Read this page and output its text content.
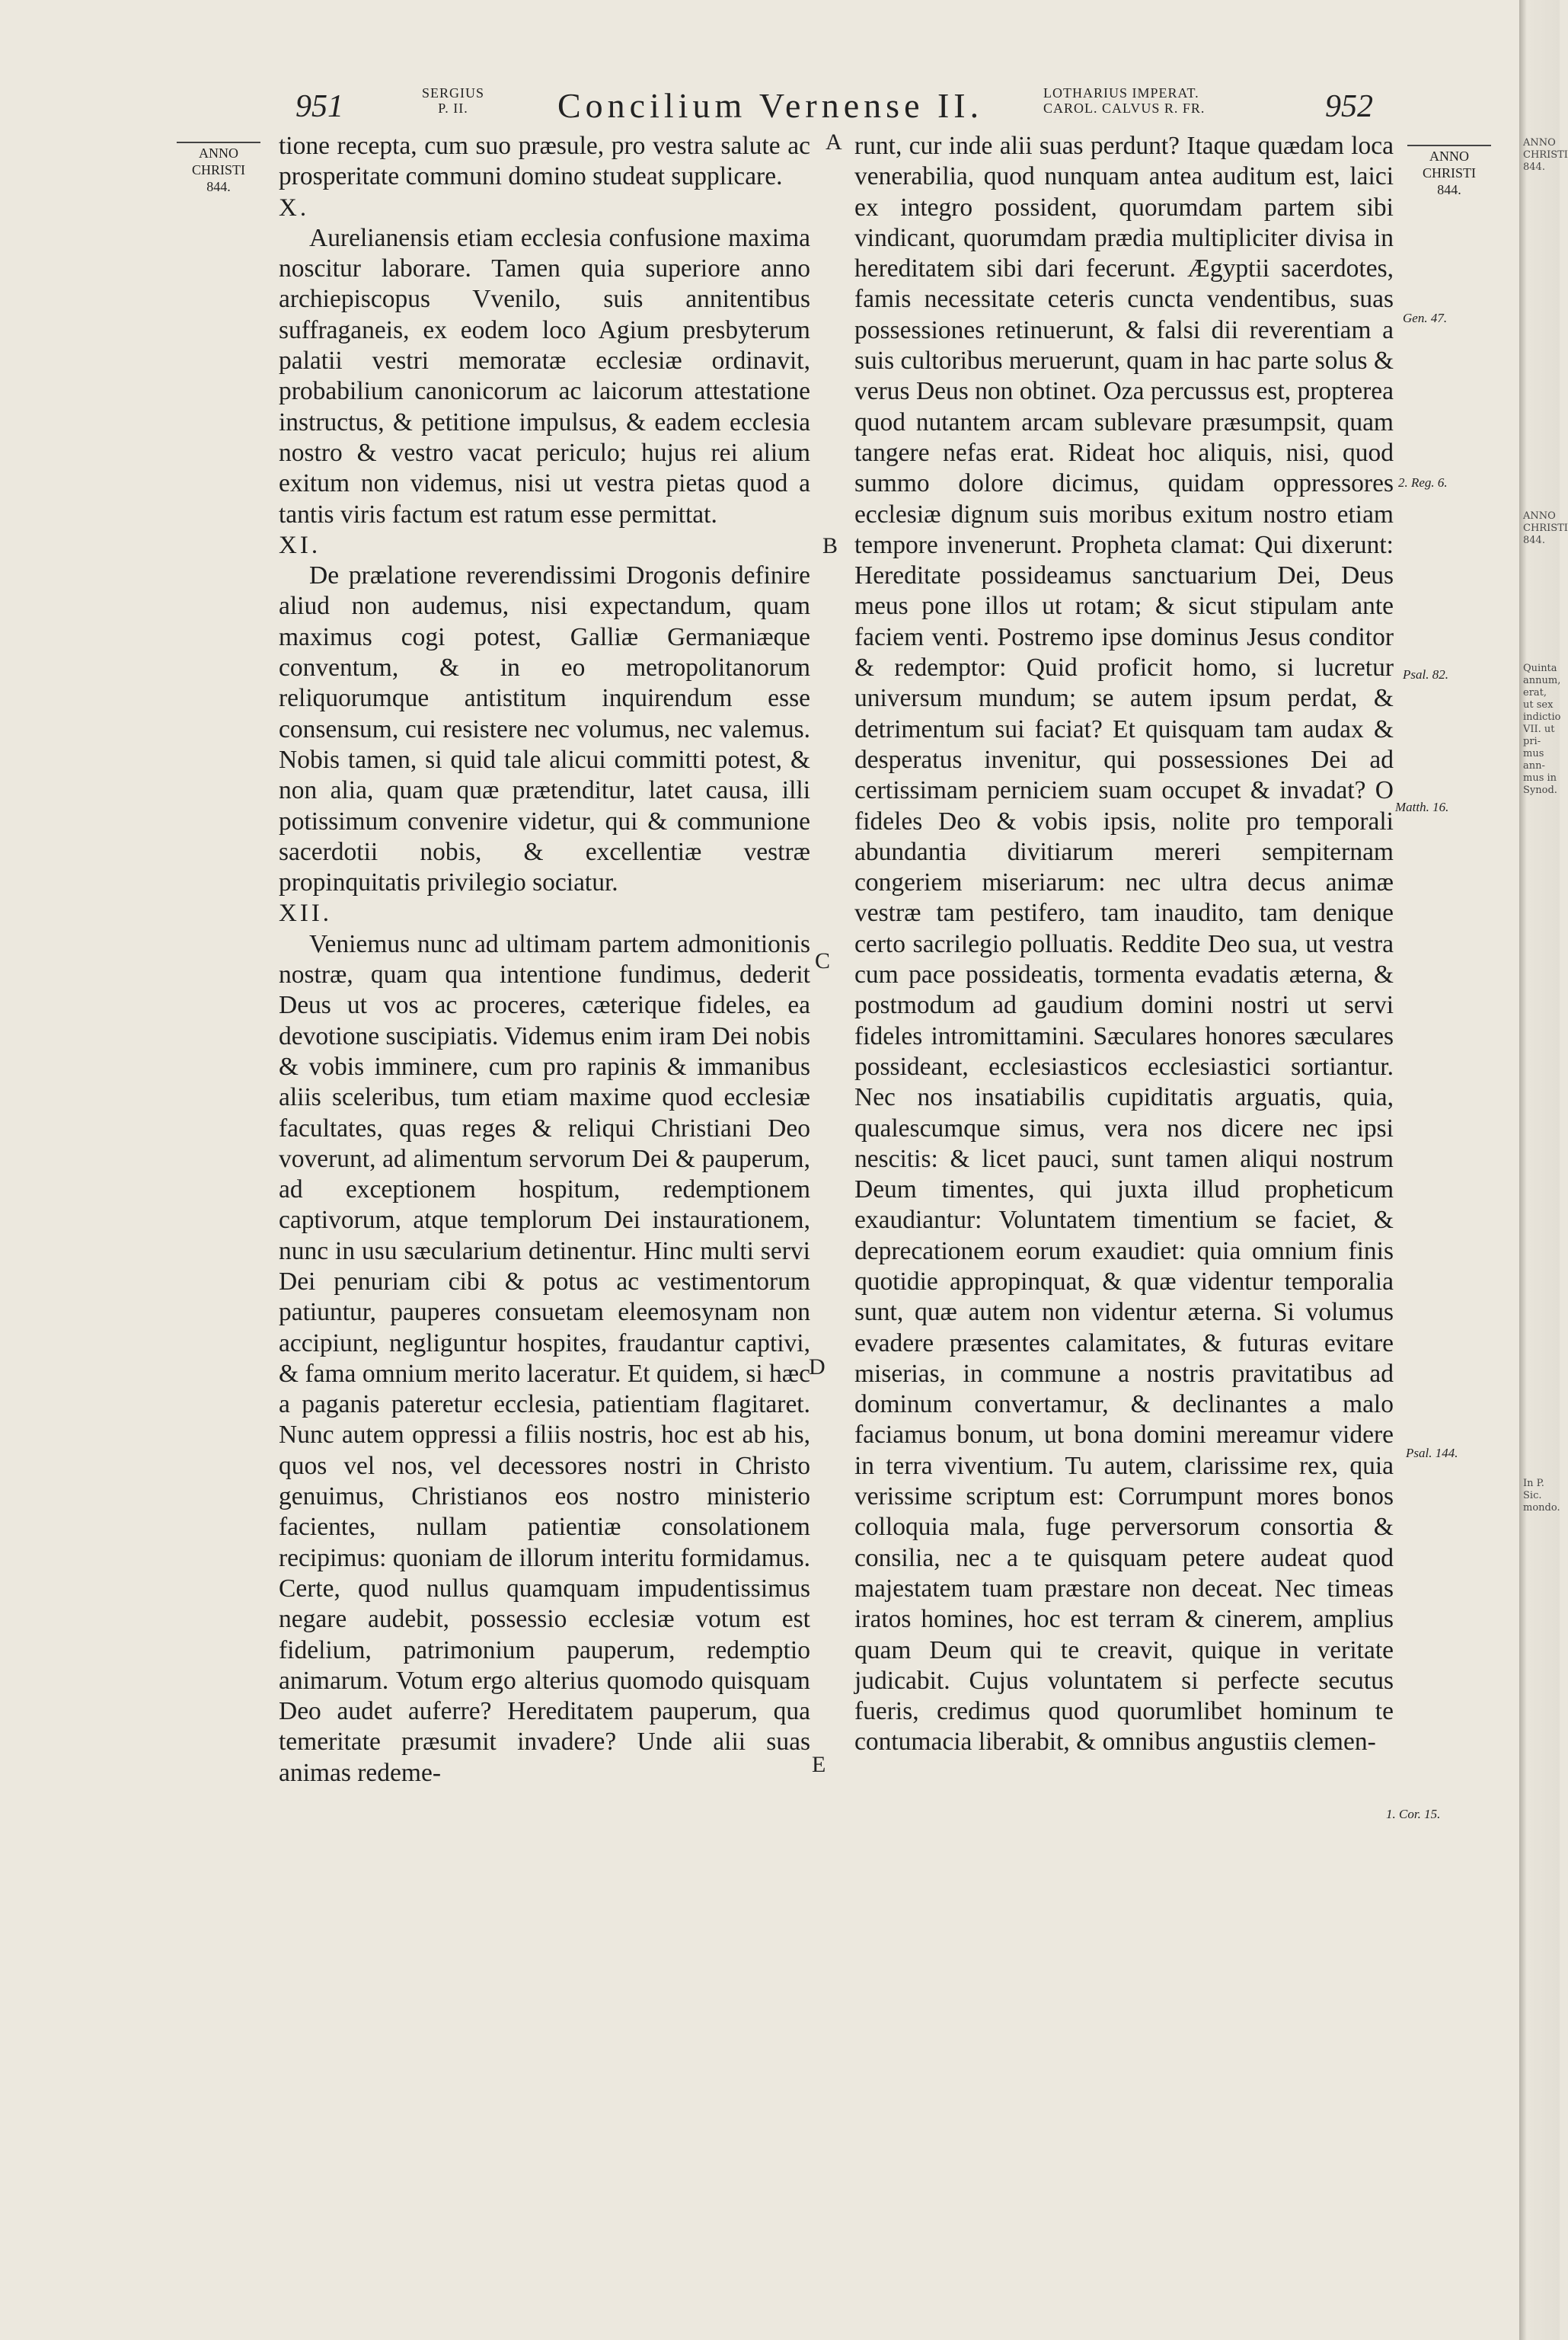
951	SERGIUS
P. II.	Concilium Vernense II.	LOTHARIUS IMPERAT.
CAROL. CALVUS R. FR.	952
ANNO
CHRISTI
844.

tione recepta, cum suo præsule, pro vestra salute ac prosperitate communi domino studeat supplicare.

X.

Aurelianensis etiam ecclesia confusione maxima noscitur laborare. Tamen quia superiore anno archiepiscopus Vvenilo, suis annitentibus suffraganeis, ex eodem loco Agium presbyterum palatii vestri memoratæ ecclesiæ ordinavit, probabilium canonicorum ac laicorum attestatione instructus, & petitione impulsus, & eadem ecclesia nostro & vestro vacat periculo; hujus rei alium exitum non videmus, nisi ut vestra pietas quod a tantis viris factum est ratum esse permittat.

XI.

De prælatione reverendissimi Drogonis definire aliud non audemus, nisi expectandum, quam maximus cogi potest, Galliæ Germaniæque conventum, & in eo metropolitanorum reliquorumque antistitum inquirendum esse consensum, cui resistere nec volumus, nec valemus. Nobis tamen, si quid tale alicui committi potest, & non alia, quam quæ prætenditur, latet causa, illi potissimum convenire videtur, qui & communione sacerdotii nobis, & excellentiæ vestræ propinquitatis privilegio sociatur.

XII.

Veniemus nunc ad ultimam partem admonitionis nostræ, quam qua intentione fundimus, dederit Deus ut vos ac proceres, cæterique fideles, ea devotione suscipiatis. Videmus enim iram Dei nobis & vobis imminere, cum pro rapinis & immanibus aliis sceleribus, tum etiam maxime quod ecclesiæ facultates, quas reges & reliqui Christiani Deo voverunt, ad alimentum servorum Dei & pauperum, ad exceptionem hospitum, redemptionem captivorum, atque templorum Dei instaurationem, nunc in usu sæcularium detinentur. Hinc multi servi Dei penuriam cibi & potus ac vestimentorum patiuntur, pauperes consuetam eleemosynam non accipiunt, negliguntur hospites, fraudantur captivi, & fama omnium merito laceratur. Et quidem, si hæc a paganis pateretur ecclesia, patientiam flagitaret. Nunc autem oppressi a filiis nostris, hoc est ab his, quos vel nos, vel decessores nostri in Christo genuimus, Christianos eos nostro ministerio facientes, nullam patientiæ consolationem recipimus: quoniam de illorum interitu formidamus. Certe, quod nullus quamquam impudentissimus negare audebit, possessio ecclesiæ votum est fidelium, patrimonium pauperum, redemptio animarum. Votum ergo alterius quomodo quisquam Deo audet auferre? Hereditatem pauperum, qua temeritate præsumit invadere? Unde alii suas animas redeme-

A
B
C
D
E

runt, cur inde alii suas perdunt? Itaque quædam loca venerabilia, quod nunquam antea auditum est, laici ex integro possident, quorumdam partem sibi vindicant, quorumdam prædia multipliciter divisa in hereditatem sibi dari fecerunt. Ægyptii sacerdotes, famis necessitate ceteris cuncta vendentibus, suas possessiones retinuerunt, & falsi dii reverentiam a suis cultoribus meruerunt, quam in hac parte solus & verus Deus non obtinet. Oza percussus est, propterea quod nutantem arcam sublevare præsumpsit, quam tangere nefas erat. Rideat hoc aliquis, nisi, quod summo dolore dicimus, quidam oppressores ecclesiæ dignum suis moribus exitum nostro etiam tempore invenerunt. Propheta clamat: Qui dixerunt: Hereditate possideamus sanctuarium Dei, Deus meus pone illos ut rotam; & sicut stipulam ante faciem venti. Postremo ipse dominus Jesus conditor & redemptor: Quid proficit homo, si lucretur universum mundum; se autem ipsum perdat, & detrimentum sui faciat? Et quisquam tam audax & desperatus invenitur, qui possessiones Dei ad certissimam perniciem suam occupet & invadat? O fideles Deo & vobis ipsis, nolite pro temporali abundantia divitiarum mereri sempiternam congeriem miseriarum: nec ultra decus animæ vestræ tam pestifero, tam inaudito, tam denique certo sacrilegio polluatis. Reddite Deo sua, ut vestra cum pace possideatis, tormenta evadatis æterna, & postmodum ad gaudium domini nostri ut servi fideles intromittamini. Sæculares honores sæculares possideant, ecclesiasticos ecclesiastici sortiantur. Nec nos insatiabilis cupiditatis arguatis, quia, qualescumque simus, vera nos dicere nec ipsi nescitis: & licet pauci, sunt tamen aliqui nostrum Deum timentes, qui juxta illud propheticum exaudiantur: Voluntatem timentium se faciet, & deprecationem eorum exaudiet: quia omnium finis quotidie appropinquat, & quæ videntur temporalia sunt, quæ autem non videntur æterna. Si volumus evadere præsentes calamitates, & futuras evitare miserias, in commune a nostris pravitatibus ad dominum convertamur, & declinantes a malo faciamus bonum, ut bona domini mereamur videre in terra viventium. Tu autem, clarissime rex, quia verissime scriptum est: Corrumpunt mores bonos colloquia mala, fuge perversorum consortia & consilia, nec a te quisquam petere audeat quod majestatem tuam præstare non deceat. Nec timeas iratos homines, hoc est terram & cinerem, amplius quam Deum qui te creavit, quique in veritate judicabit. Cujus voluntatem si perfecte secutus fueris, credimus quod quorumlibet hominum te contumacia liberabit, & omnibus angustiis clemen-

ANNO
CHRISTI
844.
Gen. 47.
2. Reg. 6.
Psal. 82.
Matth. 16.
Psal. 144.
1. Cor. 15.
ANNO CHRISTI 844.
ANNO CHRISTI 844.
Quinta annum, erat, ut sex indictio VII. ut pri- mus ann- mus in Synod.
In P. Sic. mondo.
